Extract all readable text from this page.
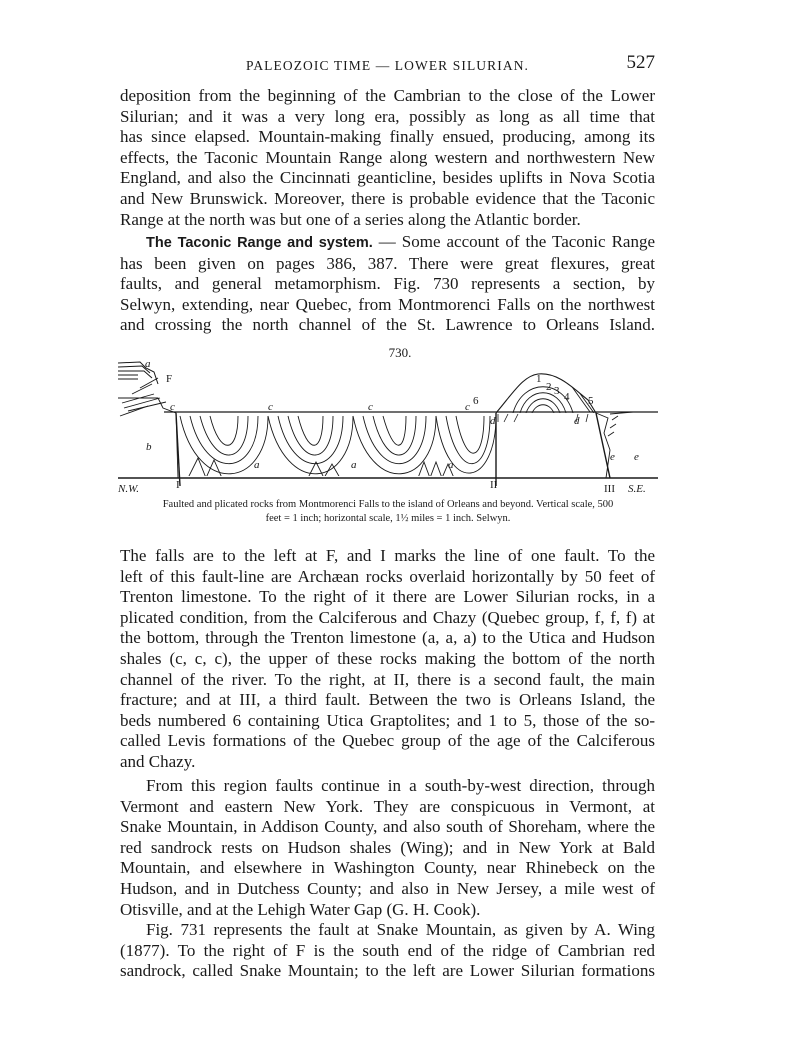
PALEOZOIC TIME — LOWER SILURIAN.	527
deposition from the beginning of the Cambrian to the close of the Lower
Silurian; and it was a very long era, possibly as long as all time that
has since elapsed. Mountain-making finally ensued, producing, among its
effects, the Taconic Mountain Range along western and northwestern New
England, and also the Cincinnati geanticline, besides uplifts in Nova Scotia
and New Brunswick. Moreover, there is probable evidence that the Taconic
Range at the north was but one of a series along the Atlantic border.
The Taconic Range and system. — Some account of the Taconic Range
has been given on pages 386, 387. There were great flexures, great
faults, and general metamorphism. Fig. 730 represents a section, by
Selwyn, extending, near Quebec, from Montmorenci Falls on the northwest
and crossing the north channel of the St. Lawrence to Orleans Island.
730.
a
F
c	c	c	c 6
b
a	a	a
d	d
1
2 3 4 5
e e
N.W.	I	II	III S.E.
Faulted and plicated rocks from Montmorenci Falls to the island of Orleans and beyond. Vertical scale, 500
feet = 1 inch; horizontal scale, 1½ miles = 1 inch. Selwyn.
The falls are to the left at F, and I marks the line of one fault. To the
left of this fault-line are Archæan rocks overlaid horizontally by 50 feet of
Trenton limestone. To the right of it there are Lower Silurian rocks, in a
plicated condition, from the Calciferous and Chazy (Quebec group, f, f, f) at
the bottom, through the Trenton limestone (a, a, a) to the Utica and Hudson
shales (c, c, c), the upper of these rocks making the bottom of the north
channel of the river. To the right, at II, there is a second fault, the main
fracture; and at III, a third fault. Between the two is Orleans Island, the
beds numbered 6 containing Utica Graptolites; and 1 to 5, those of the so-
called Levis formations of the Quebec group of the age of the Calciferous
and Chazy.
From this region faults continue in a south-by-west direction, through
Vermont and eastern New York. They are conspicuous in Vermont, at
Snake Mountain, in Addison County, and also south of Shoreham, where the
red sandrock rests on Hudson shales (Wing); and in New York at Bald
Mountain, and elsewhere in Washington County, near Rhinebeck on the
Hudson, and in Dutchess County; and also in New Jersey, a mile west of
Otisville, and at the Lehigh Water Gap (G. H. Cook).
Fig. 731 represents the fault at Snake Mountain, as given by A. Wing
(1877). To the right of F is the south end of the ridge of Cambrian red
sandrock, called Snake Mountain; to the left are Lower Silurian formations
